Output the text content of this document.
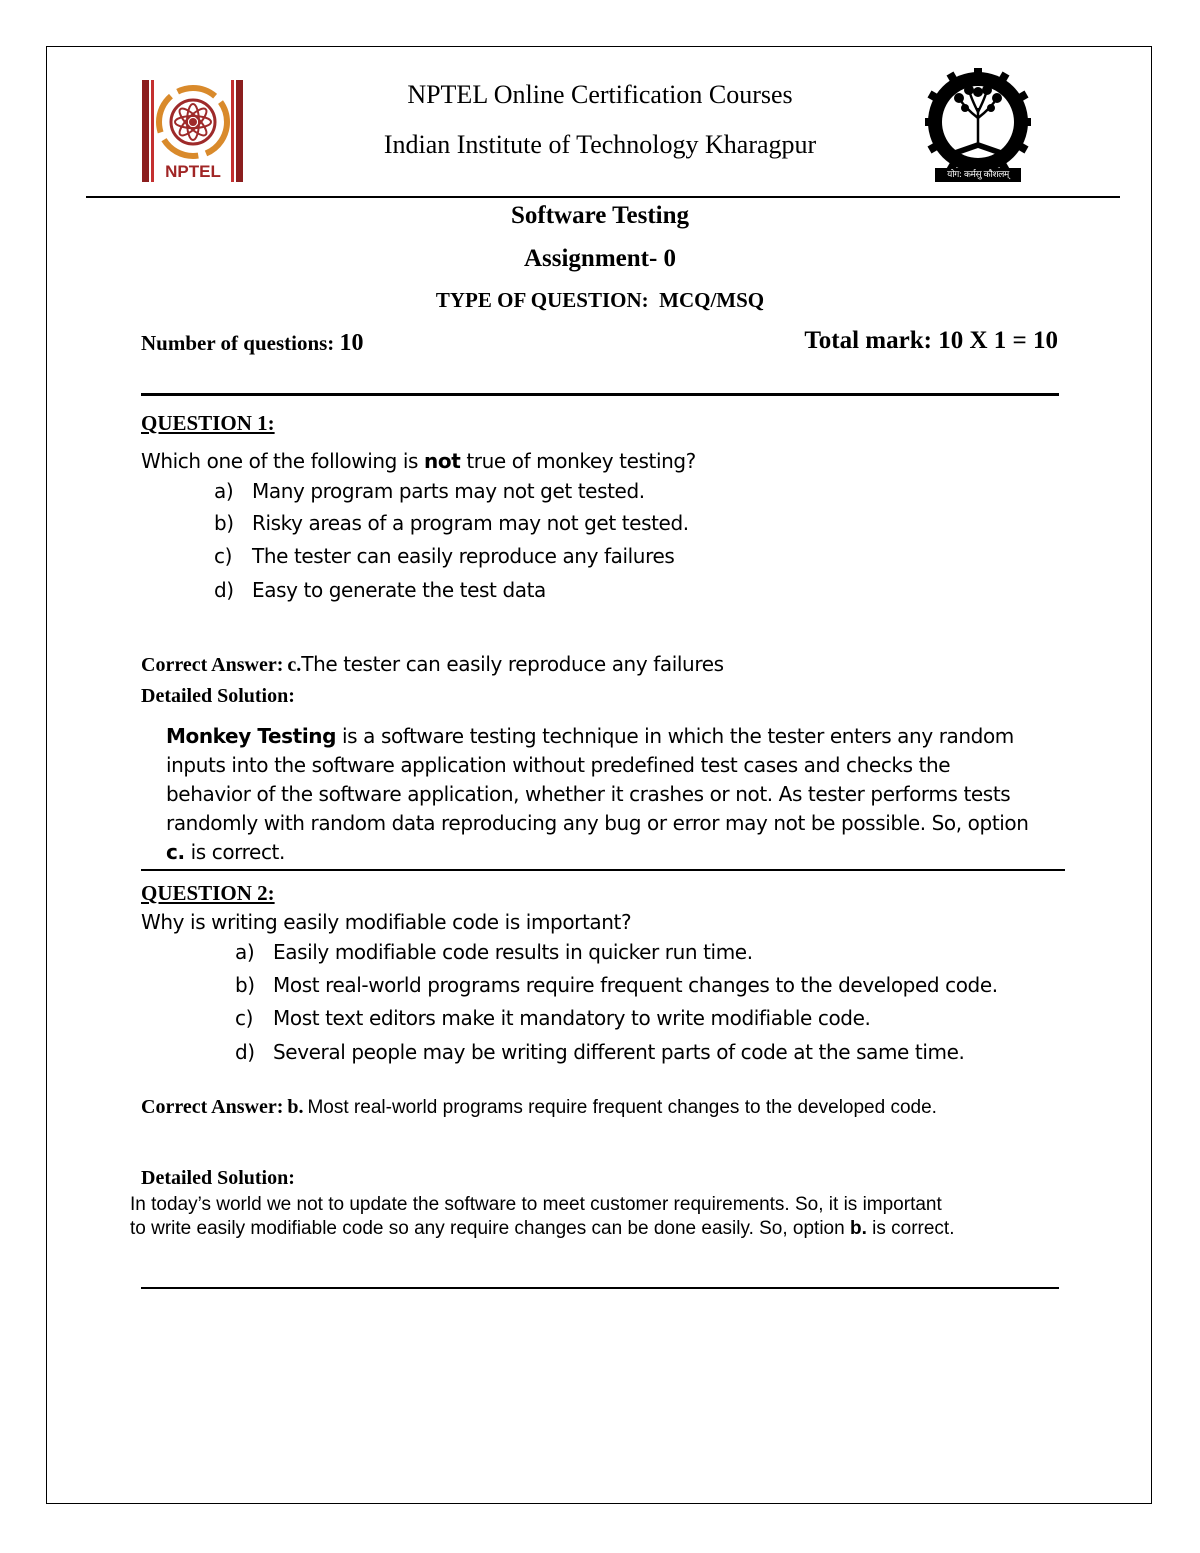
NPTEL	योग: कर्मसु कौशलम्
NPTEL Online Certification Courses
Indian Institute of Technology Kharagpur
Software Testing
Assignment- 0
TYPE OF QUESTION: MCQ/MSQ
Number of questions: 10	Total mark: 10 X 1 = 10
QUESTION 1:
Which one of the following is not true of monkey testing?
a) Many program parts may not get tested.
b) Risky areas of a program may not get tested.
c) The tester can easily reproduce any failures
d) Easy to generate the test data
Correct Answer: c.The tester can easily reproduce any failures
Detailed Solution:
Monkey Testing is a software testing technique in which the tester enters any random inputs into the software application without predefined test cases and checks the behavior of the software application, whether it crashes or not. As tester performs tests randomly with random data reproducing any bug or error may not be possible. So, option c. is correct.
QUESTION 2:
Why is writing easily modifiable code is important?
a) Easily modifiable code results in quicker run time.
b) Most real-world programs require frequent changes to the developed code.
c) Most text editors make it mandatory to write modifiable code.
d) Several people may be writing different parts of code at the same time.
Correct Answer: b. Most real-world programs require frequent changes to the developed code.
Detailed Solution:
In today’s world we not to update the software to meet customer requirements. So, it is important
to write easily modifiable code so any require changes can be done easily. So, option b. is correct.
